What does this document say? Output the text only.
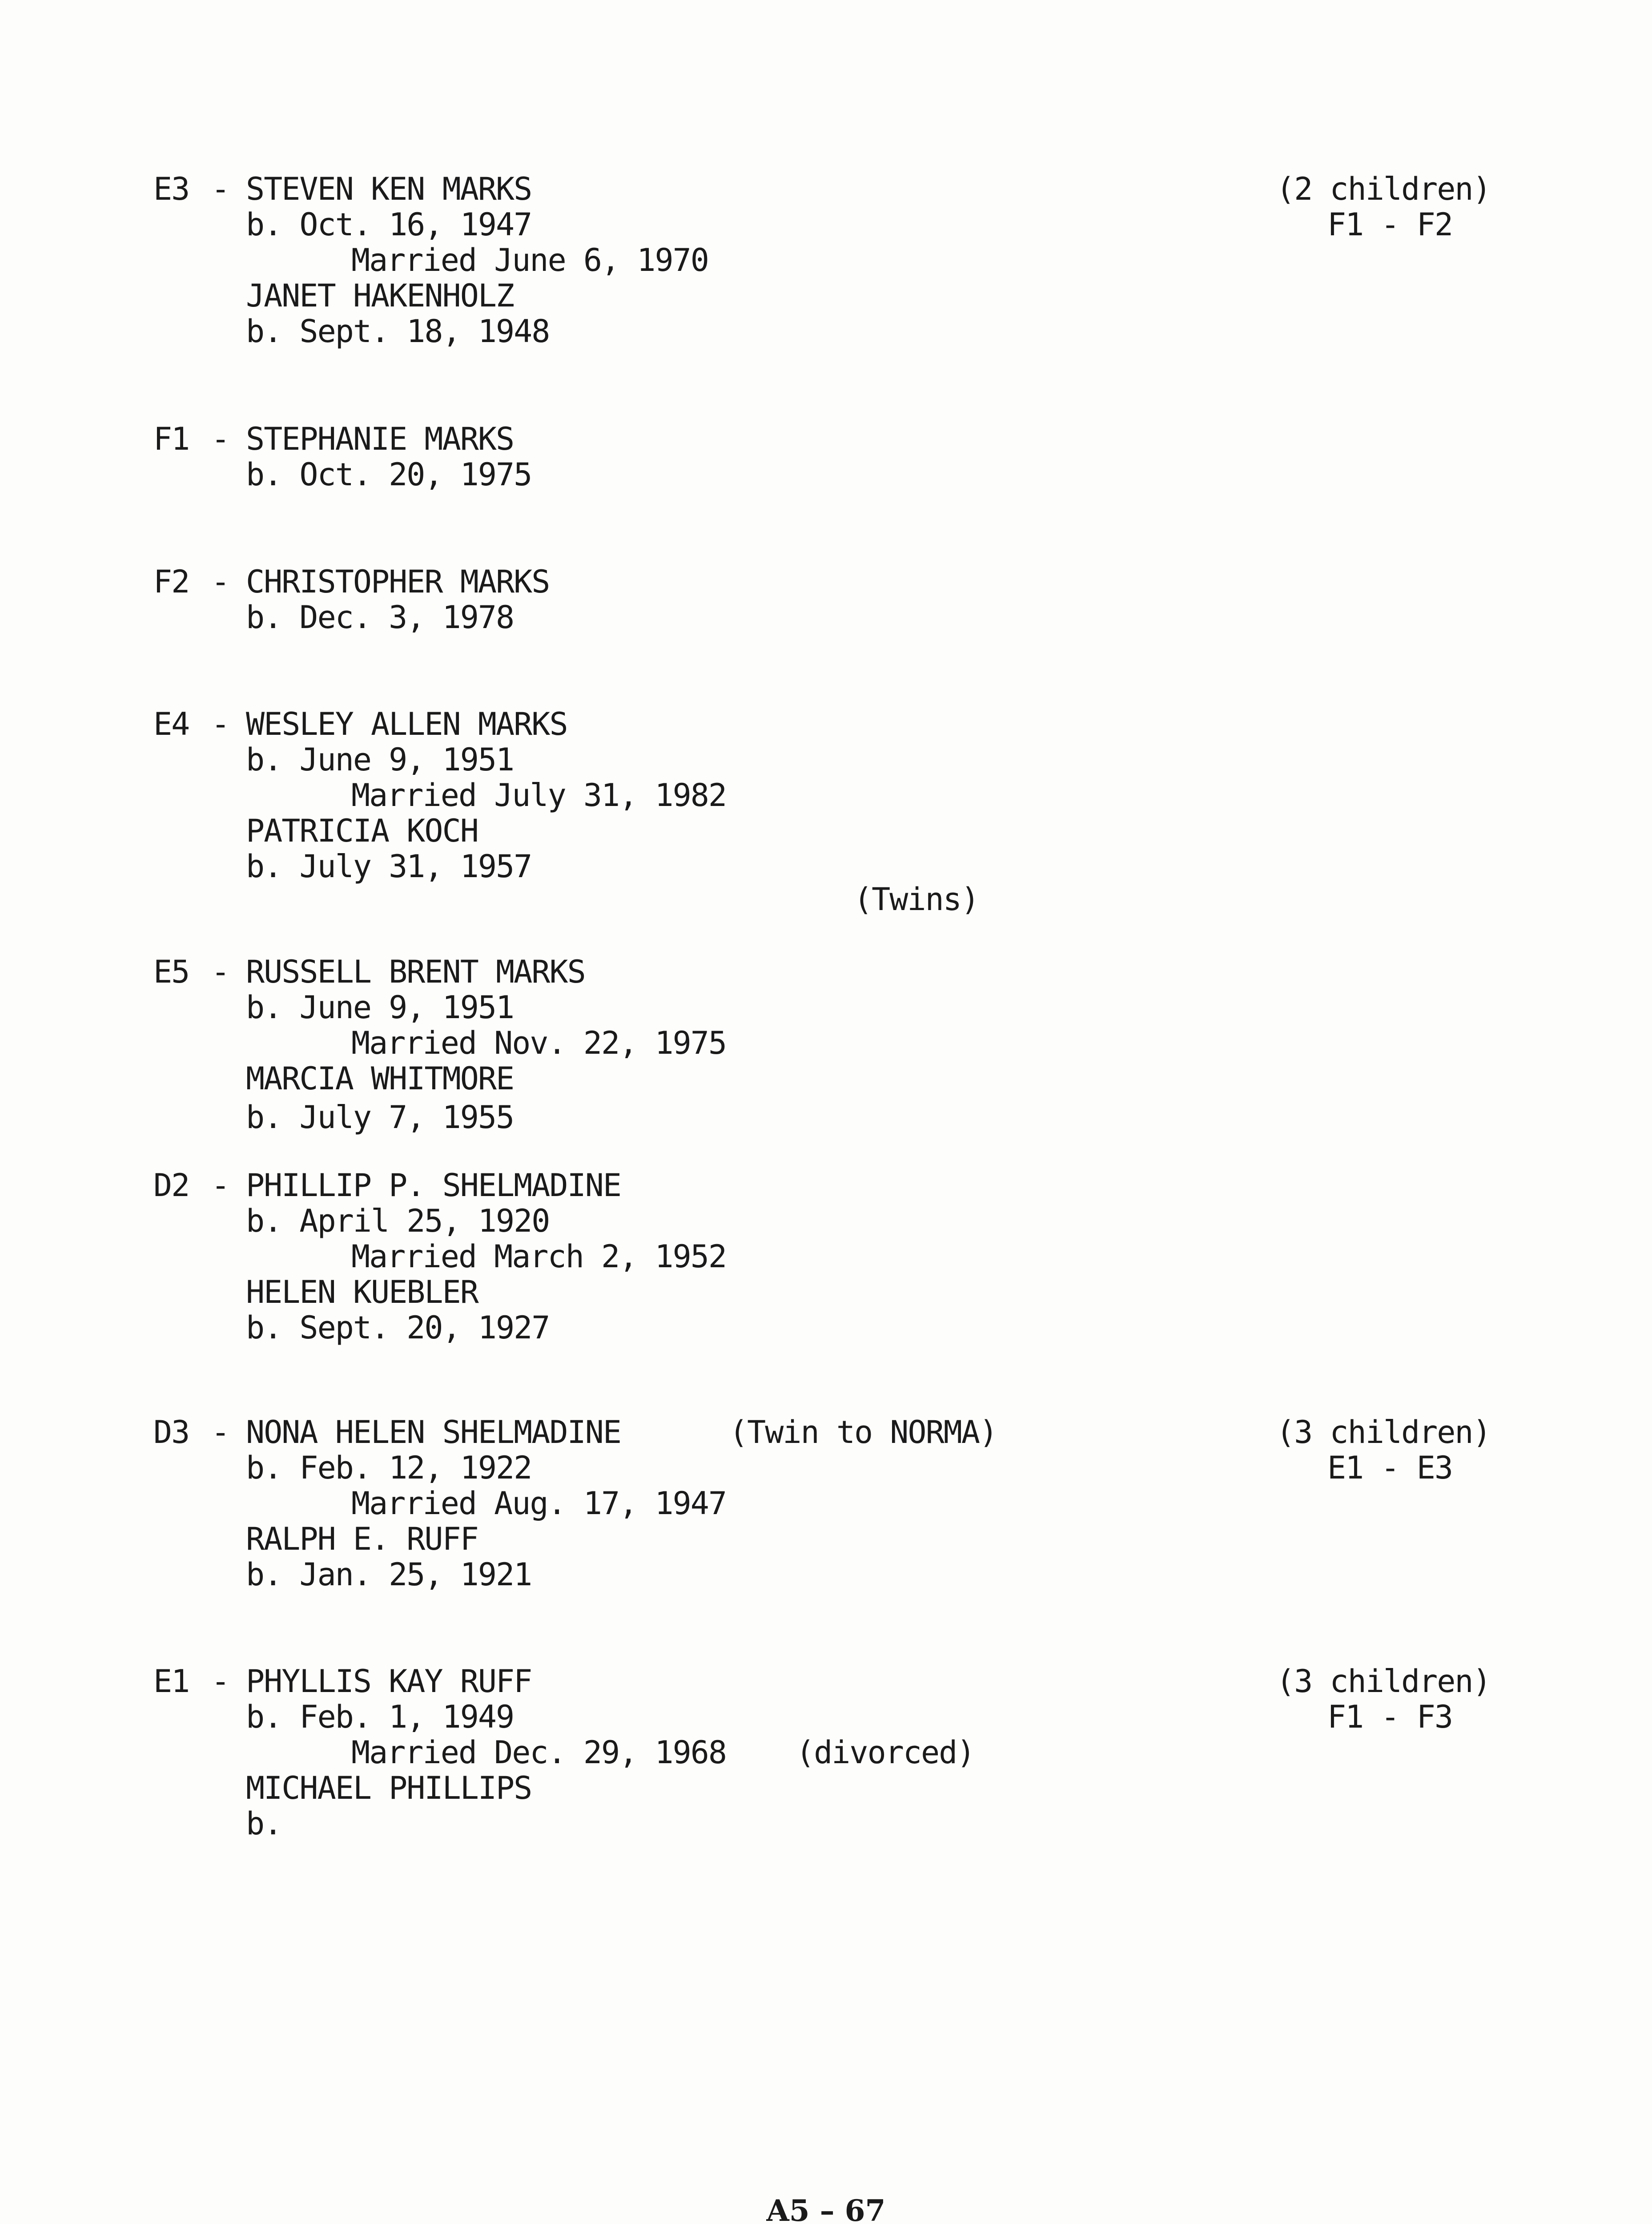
E3 - STEVEN KEN MARKS	(2 children)
F1 - F2
b. Oct. 16, 1947
Married June 6, 1970
JANET HAKENHOLZ
b. Sept. 18, 1948
F1 - STEPHANIE MARKS
b. Oct. 20, 1975
F2 - CHRISTOPHER MARKS
b. Dec. 3, 1978
E4 - WESLEY ALLEN MARKS
b. June 9, 1951
Married July 31, 1982
PATRICIA KOCH
b. July 31, 1957
(Twins)
E5 - RUSSELL BRENT MARKS
b. June 9, 1951
Married Nov. 22, 1975
MARCIA WHITMORE
b. July 7, 1955
D2 - PHILLIP P. SHELMADINE
b. April 25, 1920
Married March 2, 1952
HELEN KUEBLER
b. Sept. 20, 1927
D3 - NONA HELEN SHELMADINE	(Twin to NORMA)	(3 children)
E1 - E3
b. Feb. 12, 1922
Married Aug. 17, 1947
RALPH E. RUFF
b. Jan. 25, 1921
E1 - PHYLLIS KAY RUFF	(3 children)
F1 - F3
b. Feb. 1, 1949
Married Dec. 29, 1968 (divorced)
MICHAEL PHILLIPS
b.
A5 – 67
